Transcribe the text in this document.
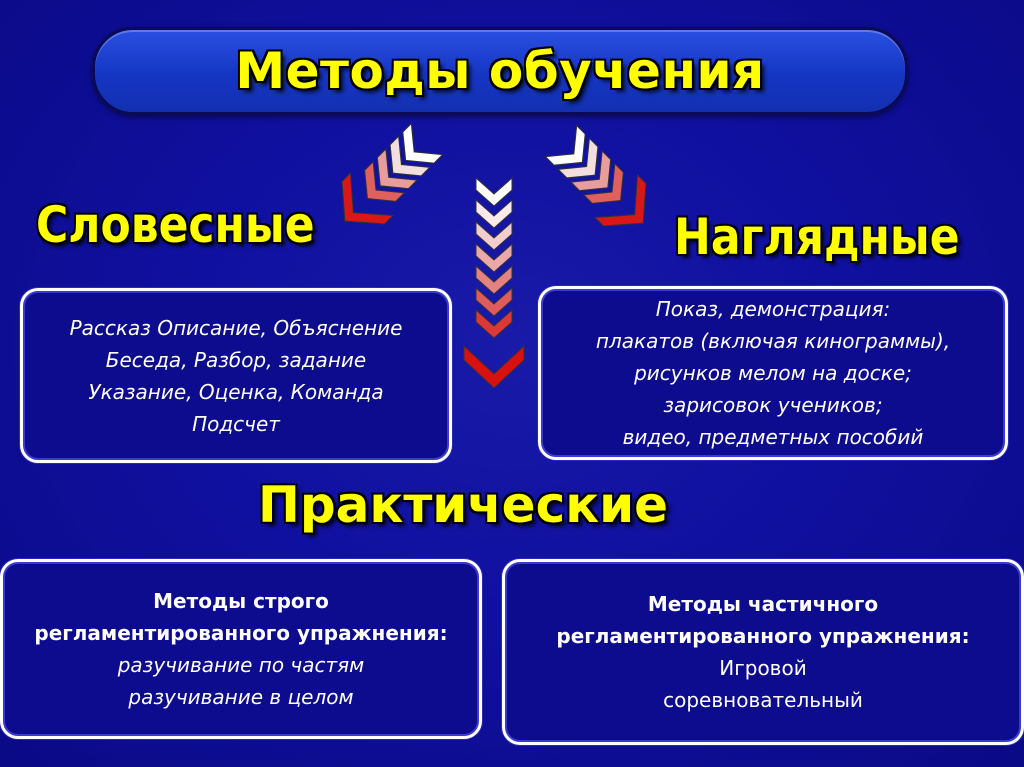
Методы обучения
Словесные	Наглядные
Практические
Рассказ Описание, Объяснение
Беседа, Разбор, задание
Указание, Оценка, Команда
Подсчет
Показ, демонстрация:
плакатов (включая кинограммы),
рисунков мелом на доске;
зарисовок учеников;
видео, предметных пособий
Методы строго
регламентированного упражнения:
разучивание по частям
разучивание в целом
Методы частичного
регламентированного упражнения:
Игровой
соревновательный
